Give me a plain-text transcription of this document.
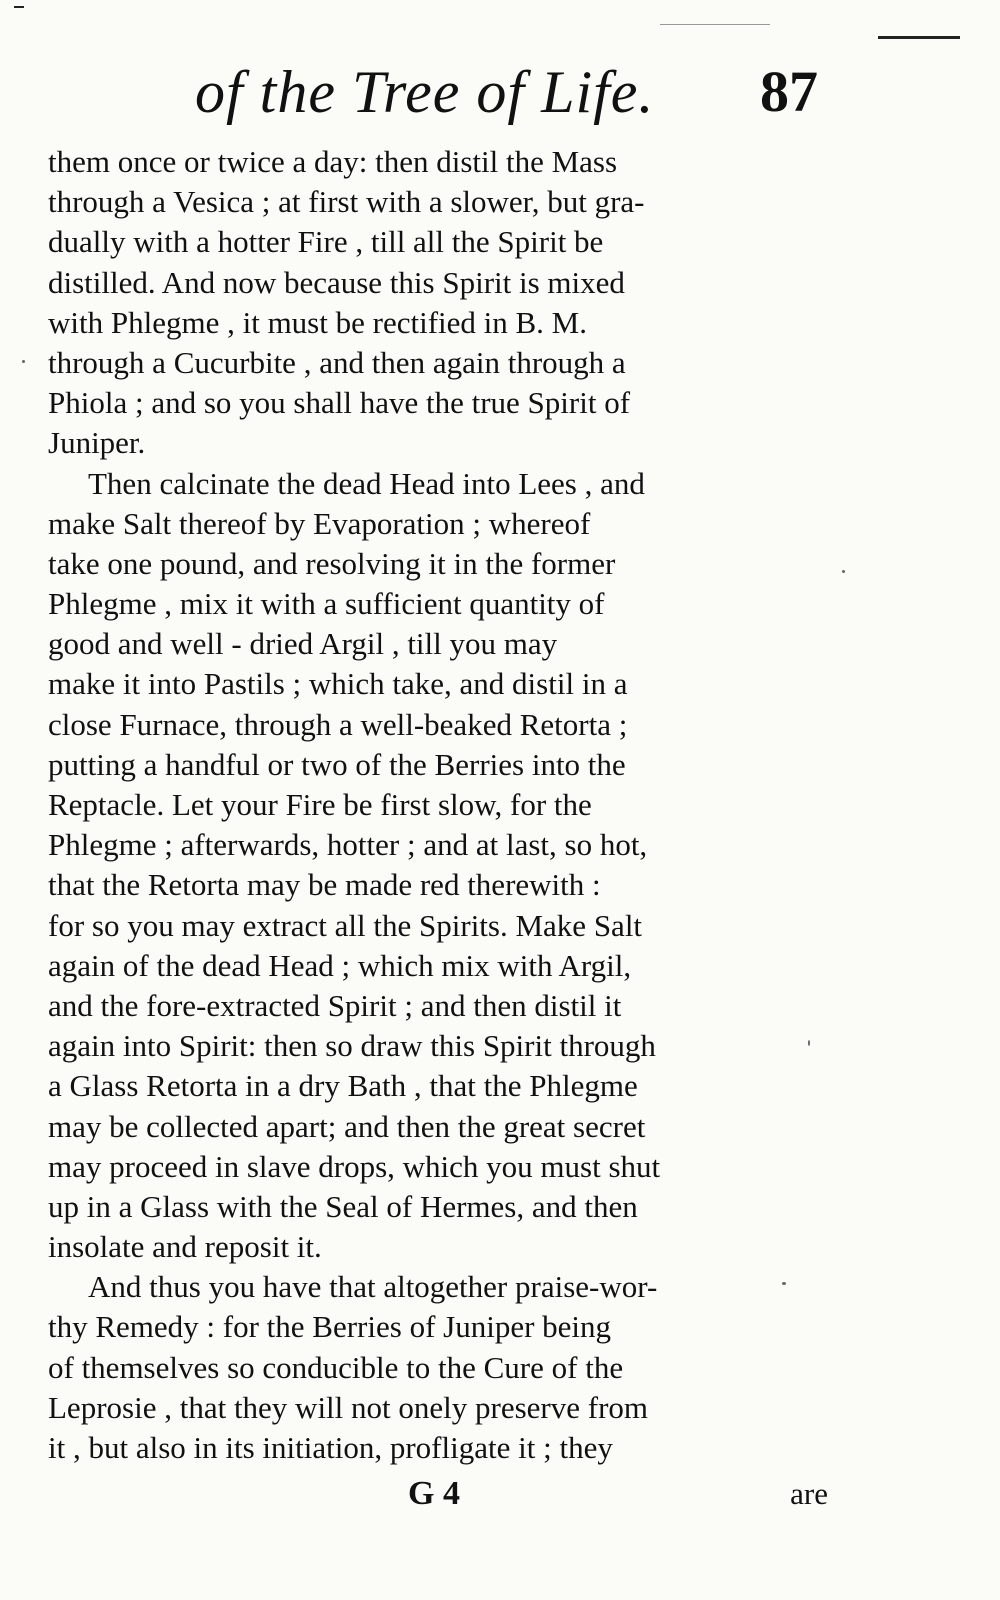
of the Tree of Life. 87
them once or twice a day: then distil the Mass
through a Vesica ; at first with a slower, but gra-
dually with a hotter Fire , till all the Spirit be
distilled. And now because this Spirit is mixed
with Phlegme , it must be rectified in B. M.
through a Cucurbite , and then again through a
Phiola ; and so you shall have the true Spirit of
Juniper.
Then calcinate the dead Head into Lees , and
make Salt thereof by Evaporation ; whereof
take one pound, and resolving it in the former
Phlegme , mix it with a sufficient quantity of
good and well - dried Argil , till you may
make it into Pastils ; which take, and distil in a
close Furnace, through a well-beaked Retorta ;
putting a handful or two of the Berries into the
Reptacle. Let your Fire be first slow, for the
Phlegme ; afterwards, hotter ; and at last, so hot,
that the Retorta may be made red therewith :
for so you may extract all the Spirits. Make Salt
again of the dead Head ; which mix with Argil,
and the fore-extracted Spirit ; and then distil it
again into Spirit: then so draw this Spirit through
a Glass Retorta in a dry Bath , that the Phlegme
may be collected apart; and then the great secret
may proceed in slave drops, which you must shut
up in a Glass with the Seal of Hermes, and then
insolate and reposit it.
And thus you have that altogether praise-wor-
thy Remedy : for the Berries of Juniper being
of themselves so conducible to the Cure of the
Leprosie , that they will not onely preserve from
it , but also in its initiation, profligate it ; they
G 4	are
